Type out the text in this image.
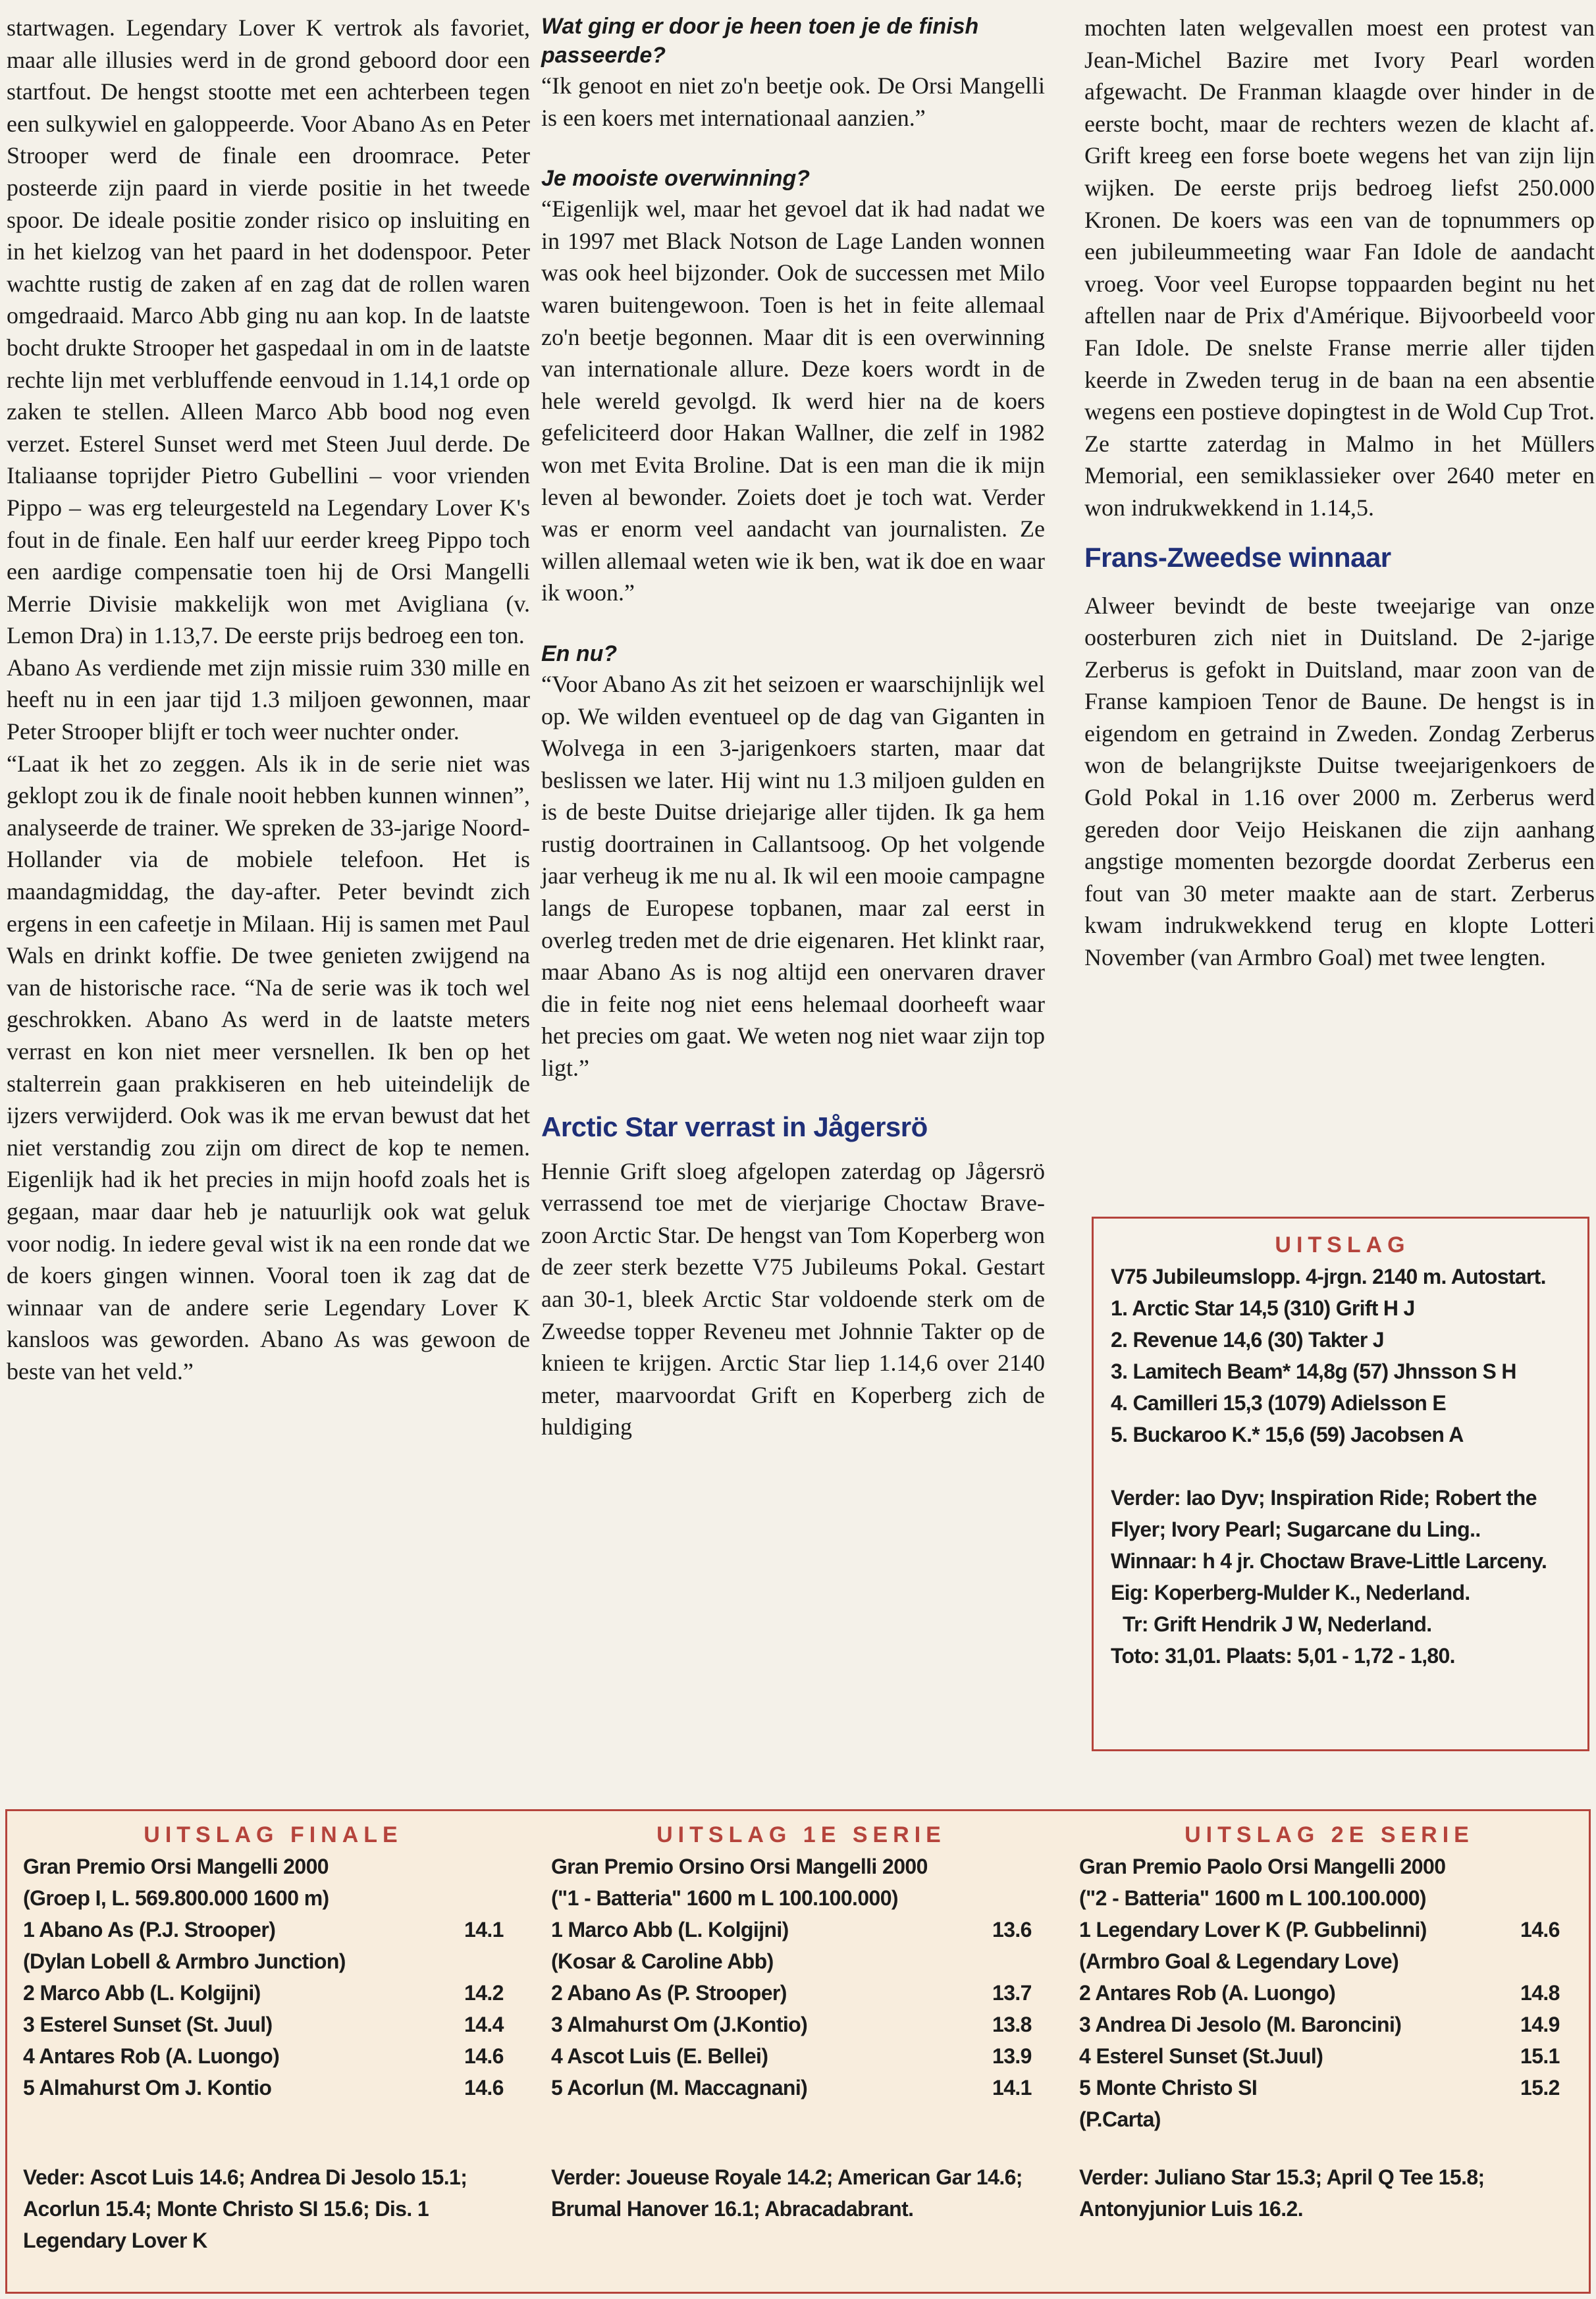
startwagen. Legendary Lover K vertrok als favoriet, maar alle illusies werd in de grond geboord door een startfout. De hengst stootte met een achterbeen tegen een sulkywiel en galoppeerde. Voor Abano As en Peter Strooper werd de finale een droomrace. Peter posteerde zijn paard in vierde positie in het tweede spoor. De ideale positie zonder risico op insluiting en in het kielzog van het paard in het dodenspoor. Peter wachtte rustig de zaken af en zag dat de rollen waren omgedraaid. Marco Abb ging nu aan kop. In de laatste bocht drukte Strooper het gaspedaal in om in de laatste rechte lijn met verbluffende eenvoud in 1.14,1 orde op zaken te stellen. Alleen Marco Abb bood nog even verzet. Esterel Sunset werd met Steen Juul derde. De Italiaanse toprijder Pietro Gubellini – voor vrienden Pippo – was erg teleurgesteld na Legendary Lover K's fout in de finale. Een half uur eerder kreeg Pippo toch een aardige compensatie toen hij de Orsi Mangelli Merrie Divisie makkelijk won met Avigliana (v. Lemon Dra) in 1.13,7. De eerste prijs bedroeg een ton.

Abano As verdiende met zijn missie ruim 330 mille en heeft nu in een jaar tijd 1.3 miljoen gewonnen, maar Peter Strooper blijft er toch weer nuchter onder.

“Laat ik het zo zeggen. Als ik in de serie niet was geklopt zou ik de finale nooit hebben kunnen winnen”, analyseerde de trainer. We spreken de 33-jarige Noord-Hollander via de mobiele telefoon. Het is maandagmiddag, the day-after. Peter bevindt zich ergens in een cafeetje in Milaan. Hij is samen met Paul Wals en drinkt koffie. De twee genieten zwijgend na van de historische race. “Na de serie was ik toch wel geschrokken. Abano As werd in de laatste meters verrast en kon niet meer versnellen. Ik ben op het stalterrein gaan prakkiseren en heb uiteindelijk de ijzers verwijderd. Ook was ik me ervan bewust dat het niet verstandig zou zijn om direct de kop te nemen. Eigenlijk had ik het precies in mijn hoofd zoals het is gegaan, maar daar heb je natuurlijk ook wat geluk voor nodig. In iedere geval wist ik na een ronde dat we de koers gingen winnen. Vooral toen ik zag dat de winnaar van de andere serie Legendary Lover K kansloos was geworden. Abano As was gewoon de beste van het veld.”

Wat ging er door je heen toen je de finish passeerde?

“Ik genoot en niet zo'n beetje ook. De Orsi Mangelli is een koers met internationaal aanzien.”

Je mooiste overwinning?

“Eigenlijk wel, maar het gevoel dat ik had nadat we in 1997 met Black Notson de Lage Landen wonnen was ook heel bijzonder. Ook de successen met Milo waren buitengewoon. Toen is het in feite allemaal zo'n beetje begonnen. Maar dit is een overwinning van internationale allure. Deze koers wordt in de hele wereld gevolgd. Ik werd hier na de koers gefeliciteerd door Hakan Wallner, die zelf in 1982 won met Evita Broline. Dat is een man die ik mijn leven al bewonder. Zoiets doet je toch wat. Verder was er enorm veel aandacht van journalisten. Ze willen allemaal weten wie ik ben, wat ik doe en waar ik woon.”

En nu?

“Voor Abano As zit het seizoen er waarschijnlijk wel op. We wilden eventueel op de dag van Giganten in Wolvega in een 3-jarigenkoers starten, maar dat beslissen we later. Hij wint nu 1.3 miljoen gulden en is de beste Duitse driejarige aller tijden. Ik ga hem rustig doortrainen in Callantsoog. Op het volgende jaar verheug ik me nu al. Ik wil een mooie campagne langs de Europese topbanen, maar zal eerst in overleg treden met de drie eigenaren. Het klinkt raar, maar Abano As is nog altijd een onervaren draver die in feite nog niet eens helemaal doorheeft waar het precies om gaat. We weten nog niet waar zijn top ligt.”

Arctic Star verrast in Jågersrö

Hennie Grift sloeg afgelopen zaterdag op Jågersrö verrassend toe met de vierjarige Choctaw Brave-zoon Arctic Star. De hengst van Tom Koperberg won de zeer sterk bezette V75 Jubileums Pokal. Gestart aan 30-1, bleek Arctic Star voldoende sterk om de Zweedse topper Reveneu met Johnnie Takter op de knieen te krijgen. Arctic Star liep 1.14,6 over 2140 meter, maarvoordat Grift en Koperberg zich de huldiging

mochten laten welgevallen moest een protest van Jean-Michel Bazire met Ivory Pearl worden afgewacht. De Franman klaagde over hinder in de eerste bocht, maar de rechters wezen de klacht af. Grift kreeg een forse boete wegens het van zijn lijn wijken. De eerste prijs bedroeg liefst 250.000 Kronen. De koers was een van de topnummers op een jubileummeeting waar Fan Idole de aandacht vroeg. Voor veel Europse toppaarden begint nu het aftellen naar de Prix d'Amérique. Bijvoorbeeld voor Fan Idole. De snelste Franse merrie aller tijden keerde in Zweden terug in de baan na een absentie wegens een postieve dopingtest in de Wold Cup Trot. Ze startte zaterdag in Malmo in het Müllers Memorial, een semiklassieker over 2640 meter en won indrukwekkend in 1.14,5.

Frans-Zweedse winnaar

Alweer bevindt de beste tweejarige van onze oosterburen zich niet in Duitsland. De 2-jarige Zerberus is gefokt in Duitsland, maar zoon van de Franse kampioen Tenor de Baune. De hengst is in eigendom en getraind in Zweden. Zondag Zerberus won de belangrijkste Duitse tweejarigenkoers de Gold Pokal in 1.16 over 2000 m. Zerberus werd gereden door Veijo Heiskanen die zijn aanhang angstige momenten bezorgde doordat Zerberus een fout van 30 meter maakte aan de start. Zerberus kwam indrukwekkend terug en klopte Lotteri November (van Armbro Goal) met twee lengten.

UITSLAG
V75 Jubileumslopp. 4-jrgn. 2140 m. Autostart.
1. Arctic Star 14,5 (310) Grift H J
2. Revenue 14,6 (30) Takter J
3. Lamitech Beam* 14,8g (57) Jhnsson S H
4. Camilleri 15,3 (1079) Adielsson E
5. Buckaroo K.* 15,6 (59) Jacobsen A
Verder: Iao Dyv; Inspiration Ride; Robert the Flyer; Ivory Pearl; Sugarcane du Ling..
Winnaar: h 4 jr. Choctaw Brave-Little Larceny.
Eig: Koperberg-Mulder K., Nederland.
Tr: Grift Hendrik J W, Nederland.
Toto: 31,01. Plaats: 5,01 - 1,72 - 1,80.
UITSLAG FINALE
Gran Premio Orsi Mangelli 2000
(Groep I, L. 569.800.000 1600 m)
1 Abano As (P.J. Strooper)	14.1
(Dylan Lobell & Armbro Junction)
2 Marco Abb (L. Kolgijni)	14.2
3 Esterel Sunset (St. Juul)	14.4
4 Antares Rob (A. Luongo)	14.6
5 Almahurst Om J. Kontio	14.6
Veder: Ascot Luis 14.6; Andrea Di Jesolo 15.1; Acorlun 15.4; Monte Christo SI 15.6; Dis. 1 Legendary Lover K
UITSLAG 1E SERIE
Gran Premio Orsino Orsi Mangelli 2000
("1 - Batteria" 1600 m L 100.100.000)
1 Marco Abb (L. Kolgijni)	13.6
(Kosar & Caroline Abb)
2 Abano As (P. Strooper)	13.7
3 Almahurst Om (J.Kontio)	13.8
4 Ascot Luis (E. Bellei)	13.9
5 Acorlun (M. Maccagnani)	14.1
Verder: Joueuse Royale 14.2; American Gar 14.6; Brumal Hanover 16.1; Abracadabrant.
UITSLAG 2E SERIE
Gran Premio Paolo Orsi Mangelli 2000
("2 - Batteria" 1600 m L 100.100.000)
1 Legendary Lover K (P. Gubbelinni)	14.6
(Armbro Goal & Legendary Love)
2 Antares Rob (A. Luongo)	14.8
3 Andrea Di Jesolo (M. Baroncini)	14.9
4 Esterel Sunset (St.Juul)	15.1
5 Monte Christo SI	15.2
(P.Carta)
Verder: Juliano Star 15.3; April Q Tee 15.8; Antonyjunior Luis 16.2.
